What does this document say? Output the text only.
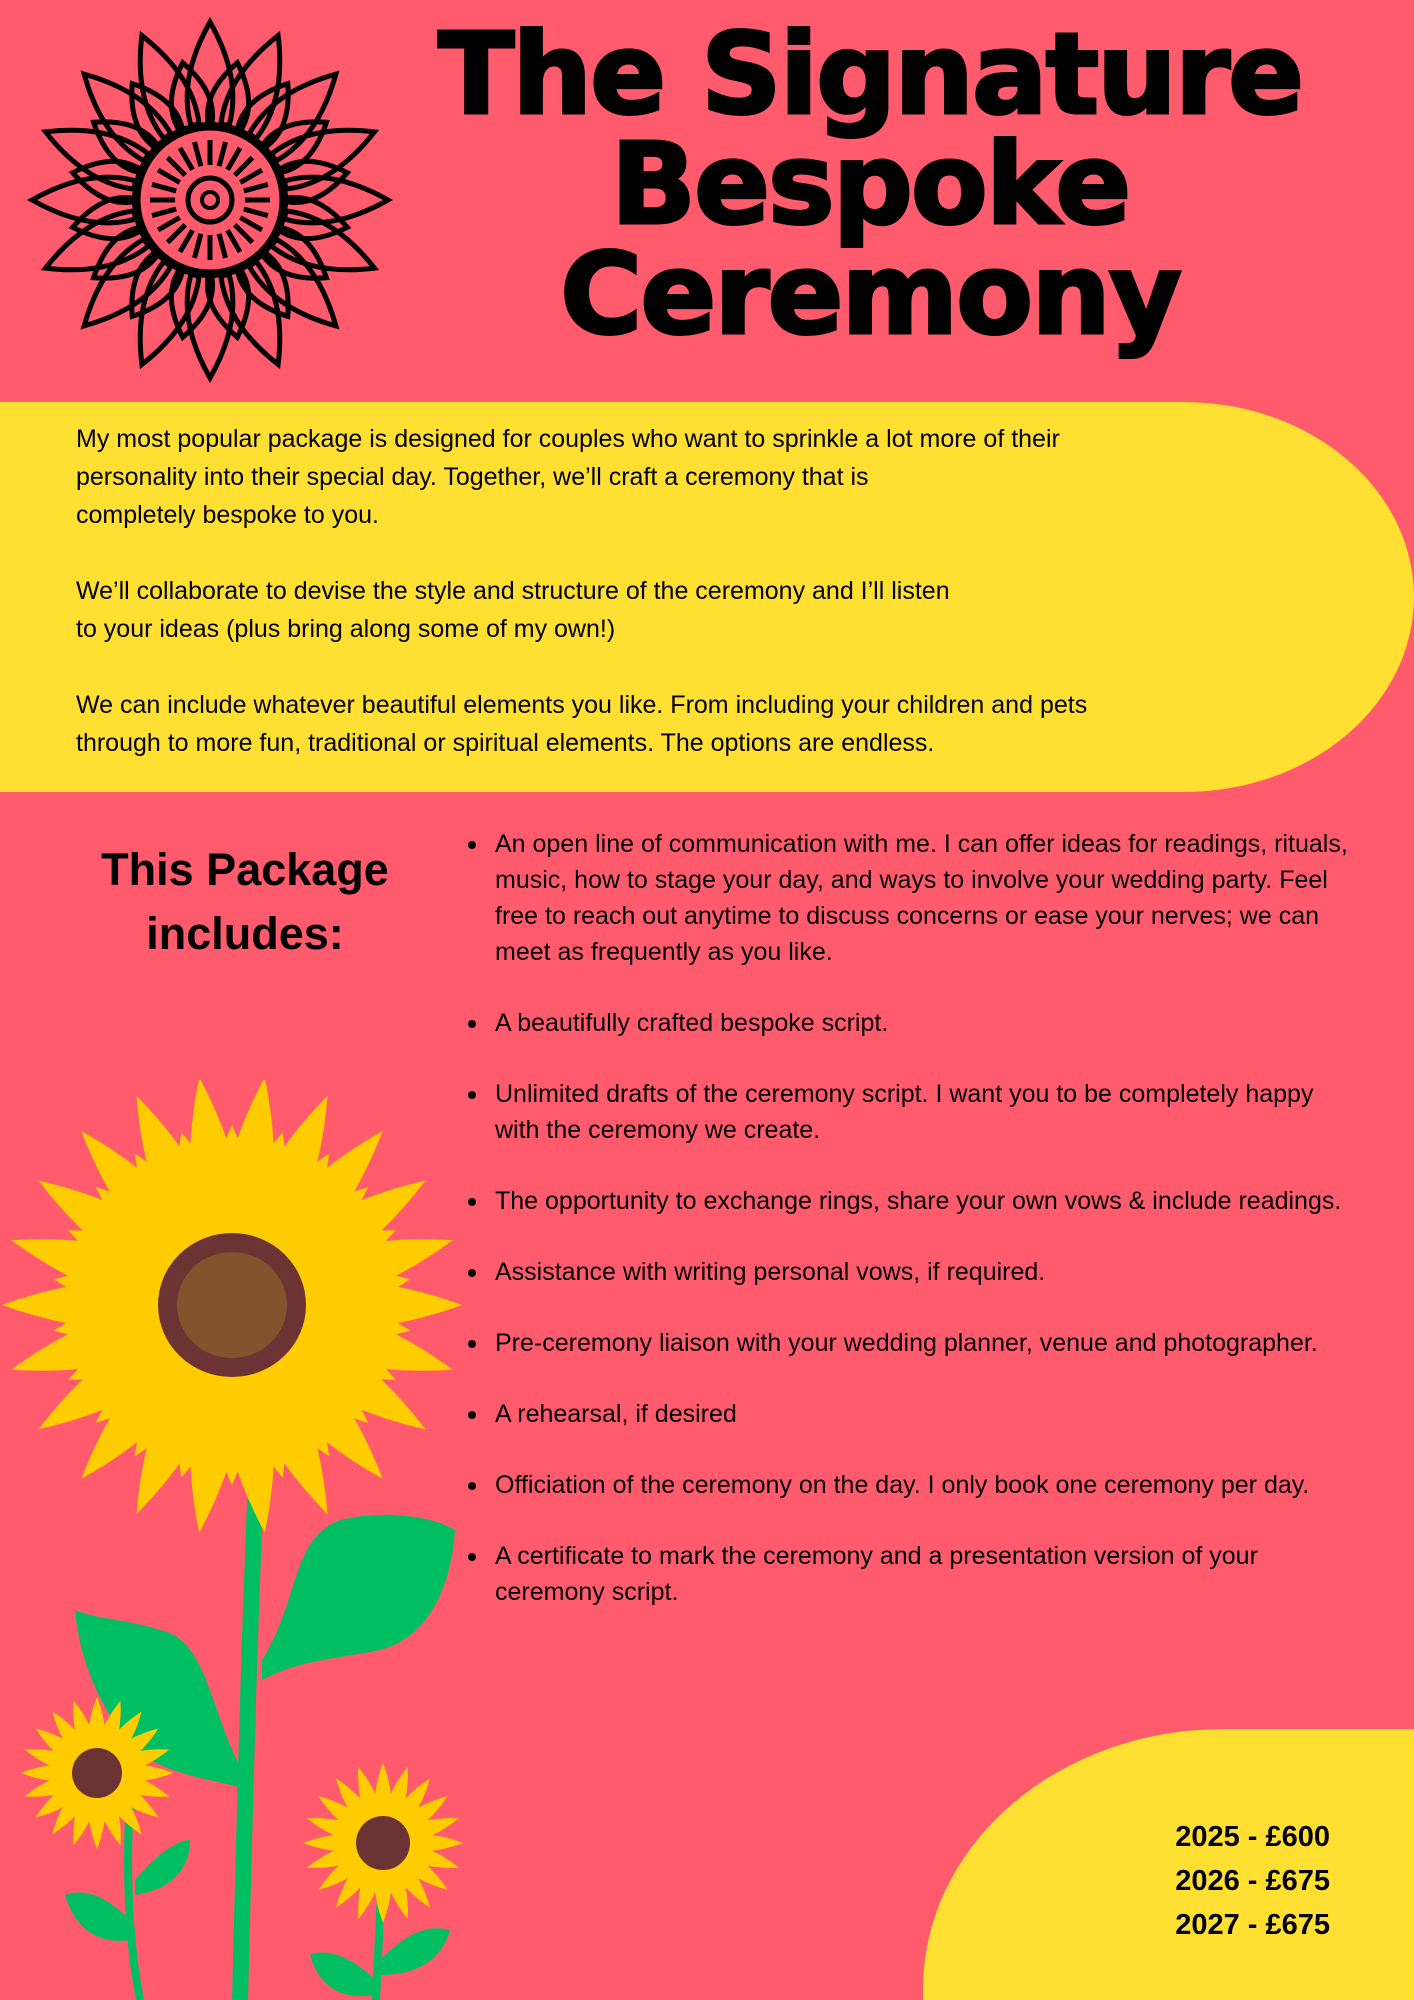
The Signature
Bespoke
Ceremony

My most popular package is designed for couples who want to sprinkle a lot more of their
personality into their special day. Together, we’ll craft a ceremony that is
completely bespoke to you.

We’ll collaborate to devise the style and structure of the ceremony and I’ll listen
to your ideas (plus bring along some of my own!)

We can include whatever beautiful elements you like. From including your children and pets
through to more fun, traditional or spiritual elements. The options are endless.

This Package
includes:
An open line of communication with me. I can offer ideas for readings, rituals, music, how to stage your day, and ways to involve your wedding party. Feel free to reach out anytime to discuss concerns or ease your nerves; we can meet as frequently as you like.
A beautifully crafted bespoke script.
Unlimited drafts of the ceremony script. I want you to be completely happy with the ceremony we create.
The opportunity to exchange rings, share your own vows & include readings.
Assistance with writing personal vows, if required.
Pre-ceremony liaison with your wedding planner, venue and photographer.
A rehearsal, if desired
Officiation of the ceremony on the day. I only book one ceremony per day.
A certificate to mark the ceremony and a presentation version of your ceremony script.
2025 - £600
2026 - £675
2027 - £675
